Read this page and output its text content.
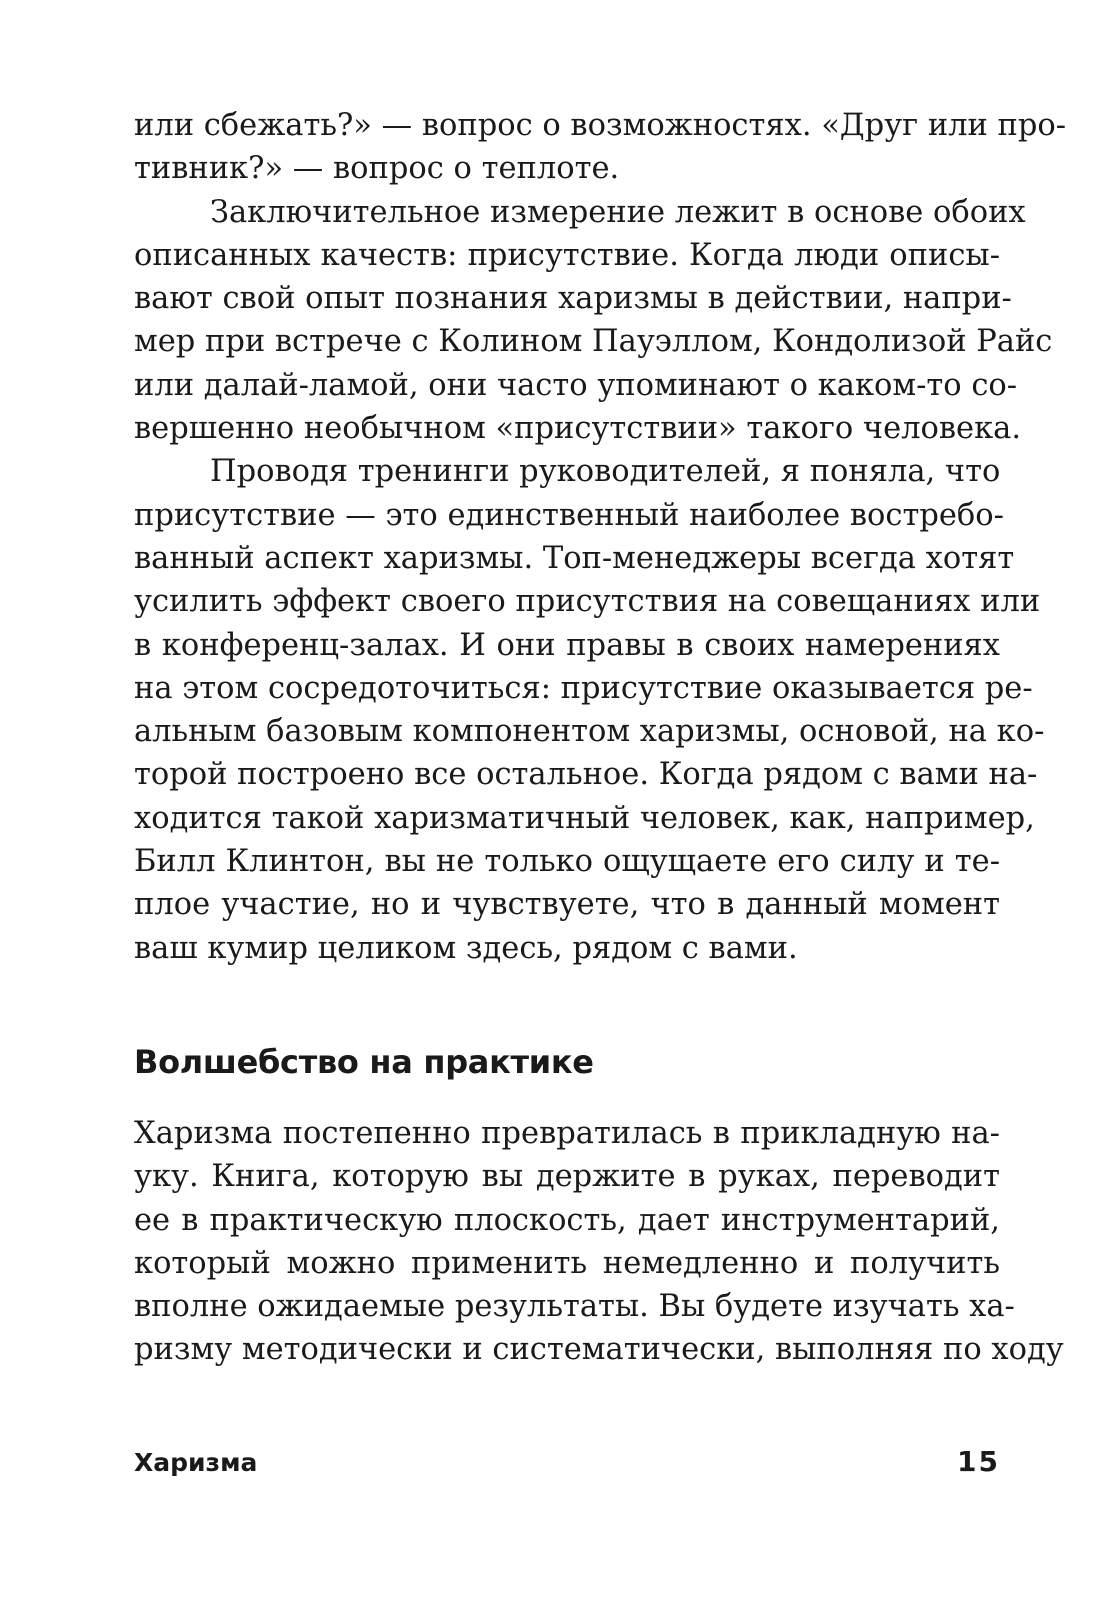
или сбежать?» — вопрос о возможностях. «Друг или про-
тивник?» — вопрос о теплоте.
Заключительное измерение лежит в основе обоих
описанных качеств: присутствие. Когда люди описы-
вают свой опыт познания харизмы в действии, напри-
мер при встрече с Колином Пауэллом, Кондолизой Райс
или далай-ламой, они часто упоминают о каком-то со-
вершенно необычном «присутствии» такого человека.
Проводя тренинги руководителей, я поняла, что
присутствие — это единственный наиболее востребо-
ванный аспект харизмы. Топ-менеджеры всегда хотят
усилить эффект своего присутствия на совещаниях или
в конференц-залах. И они правы в своих намерениях
на этом сосредоточиться: присутствие оказывается ре-
альным базовым компонентом харизмы, основой, на ко-
торой построено все остальное. Когда рядом с вами на-
ходится такой харизматичный человек, как, например,
Билл Клинтон, вы не только ощущаете его силу и те-
плое участие, но и чувствуете, что в данный момент
ваш кумир целиком здесь, рядом с вами.
Волшебство на практике
Харизма постепенно превратилась в прикладную на-
уку. Книга, которую вы держите в руках, переводит
ее в практическую плоскость, дает инструментарий,
который можно применить немедленно и получить
вполне ожидаемые результаты. Вы будете изучать ха-
ризму методически и систематически, выполняя по ходу
Харизма	15
